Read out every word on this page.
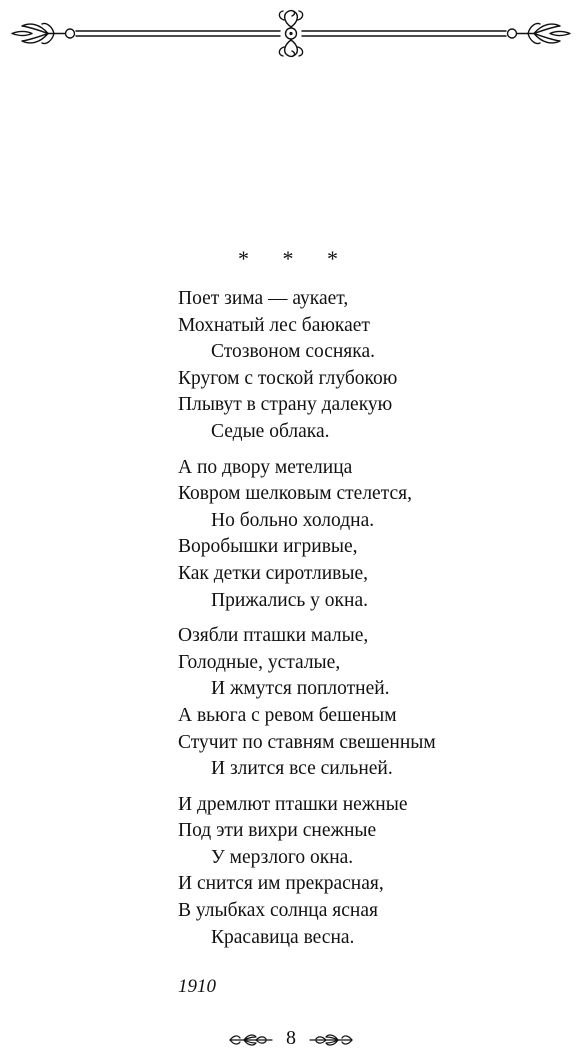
* * *
Поет зима — аукает,
Мохнатый лес баюкает
Стозвоном сосняка.
Кругом с тоской глубокою
Плывут в страну далекую
Седые облака.
А по двору метелица
Ковром шелковым стелется,
Но больно холодна.
Воробышки игривые,
Как детки сиротливые,
Прижались у окна.
Озябли пташки малые,
Голодные, усталые,
И жмутся поплотней.
А вьюга с ревом бешеным
Стучит по ставням свешенным
И злится все сильней.
И дремлют пташки нежные
Под эти вихри снежные
У мерзлого окна.
И снится им прекрасная,
В улыбках солнца ясная
Красавица весна.
1910
8
